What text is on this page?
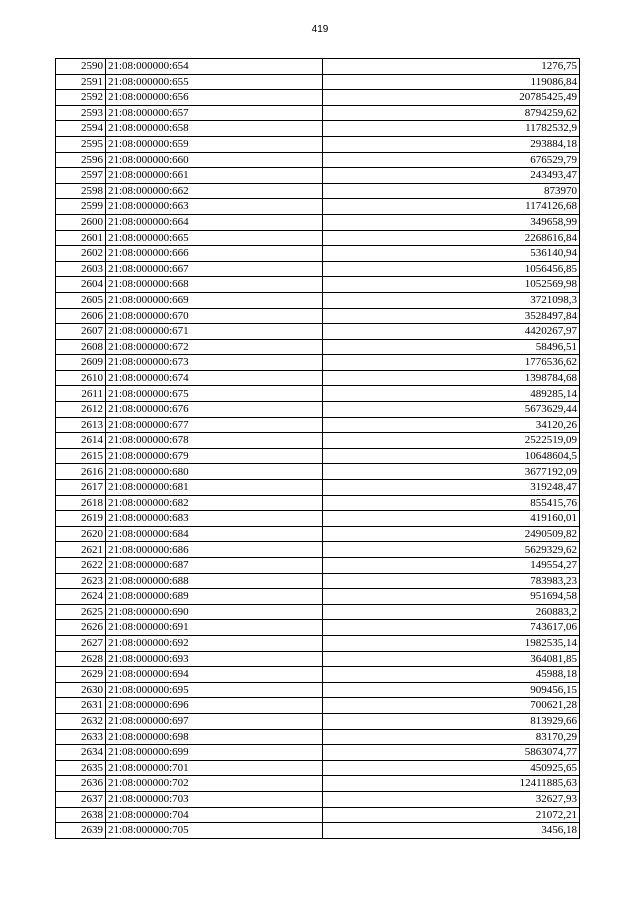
419
2590	21:08:000000:654	1276,75
2591	21:08:000000:655	119086,84
2592	21:08:000000:656	20785425,49
2593	21:08:000000:657	8794259,62
2594	21:08:000000:658	11782532,9
2595	21:08:000000:659	293884,18
2596	21:08:000000:660	676529,79
2597	21:08:000000:661	243493,47
2598	21:08:000000:662	873970
2599	21:08:000000:663	1174126,68
2600	21:08:000000:664	349658,99
2601	21:08:000000:665	2268616,84
2602	21:08:000000:666	536140,94
2603	21:08:000000:667	1056456,85
2604	21:08:000000:668	1052569,98
2605	21:08:000000:669	3721098,3
2606	21:08:000000:670	3528497,84
2607	21:08:000000:671	4420267,97
2608	21:08:000000:672	58496,51
2609	21:08:000000:673	1776536,62
2610	21:08:000000:674	1398784,68
2611	21:08:000000:675	489285,14
2612	21:08:000000:676	5673629,44
2613	21:08:000000:677	34120,26
2614	21:08:000000:678	2522519,09
2615	21:08:000000:679	10648604,5
2616	21:08:000000:680	3677192,09
2617	21:08:000000:681	319248,47
2618	21:08:000000:682	855415,76
2619	21:08:000000:683	419160,01
2620	21:08:000000:684	2490509,82
2621	21:08:000000:686	5629329,62
2622	21:08:000000:687	149554,27
2623	21:08:000000:688	783983,23
2624	21:08:000000:689	951694,58
2625	21:08:000000:690	260883,2
2626	21:08:000000:691	743617,06
2627	21:08:000000:692	1982535,14
2628	21:08:000000:693	364081,85
2629	21:08:000000:694	45988,18
2630	21:08:000000:695	909456,15
2631	21:08:000000:696	700621,28
2632	21:08:000000:697	813929,66
2633	21:08:000000:698	83170,29
2634	21:08:000000:699	5863074,77
2635	21:08:000000:701	450925,65
2636	21:08:000000:702	12411885,63
2637	21:08:000000:703	32627,93
2638	21:08:000000:704	21072,21
2639	21:08:000000:705	3456,18
